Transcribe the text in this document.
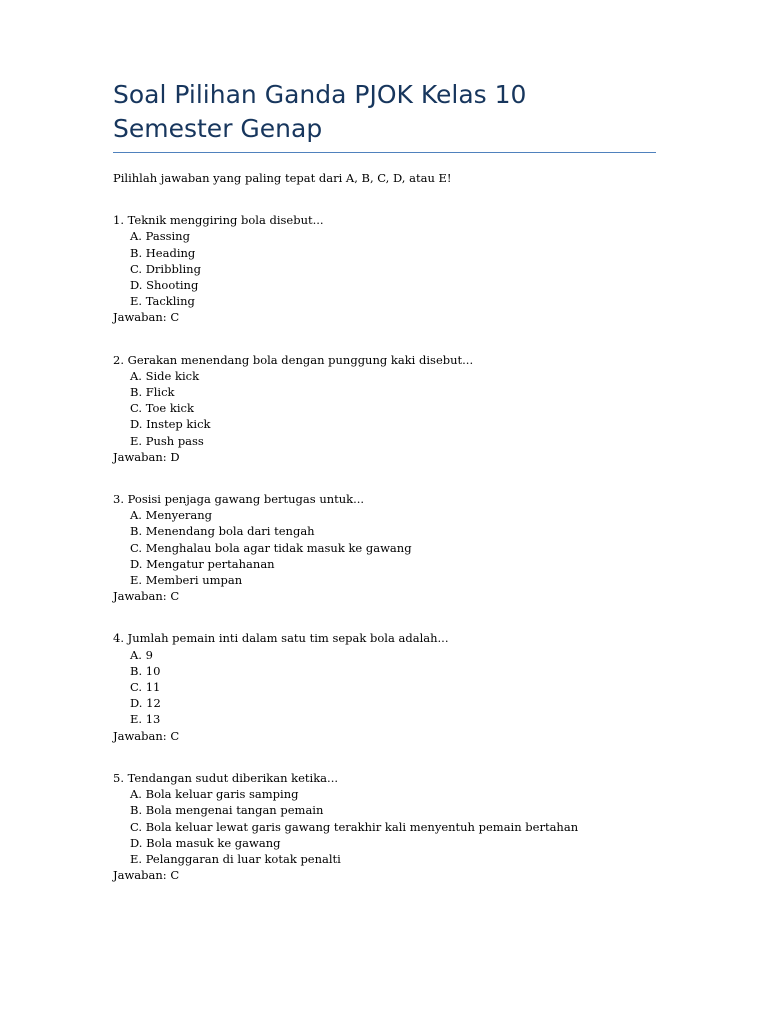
Soal Pilihan Ganda PJOK Kelas 10
Semester Genap
Pilihlah jawaban yang paling tepat dari A, B, C, D, atau E!
1. Teknik menggiring bola disebut...
A. Passing
B. Heading
C. Dribbling
D. Shooting
E. Tackling
Jawaban: C
2. Gerakan menendang bola dengan punggung kaki disebut...
A. Side kick
B. Flick
C. Toe kick
D. Instep kick
E. Push pass
Jawaban: D
3. Posisi penjaga gawang bertugas untuk...
A. Menyerang
B. Menendang bola dari tengah
C. Menghalau bola agar tidak masuk ke gawang
D. Mengatur pertahanan
E. Memberi umpan
Jawaban: C
4. Jumlah pemain inti dalam satu tim sepak bola adalah...
A. 9
B. 10
C. 11
D. 12
E. 13
Jawaban: C
5. Tendangan sudut diberikan ketika...
A. Bola keluar garis samping
B. Bola mengenai tangan pemain
C. Bola keluar lewat garis gawang terakhir kali menyentuh pemain bertahan
D. Bola masuk ke gawang
E. Pelanggaran di luar kotak penalti
Jawaban: C
